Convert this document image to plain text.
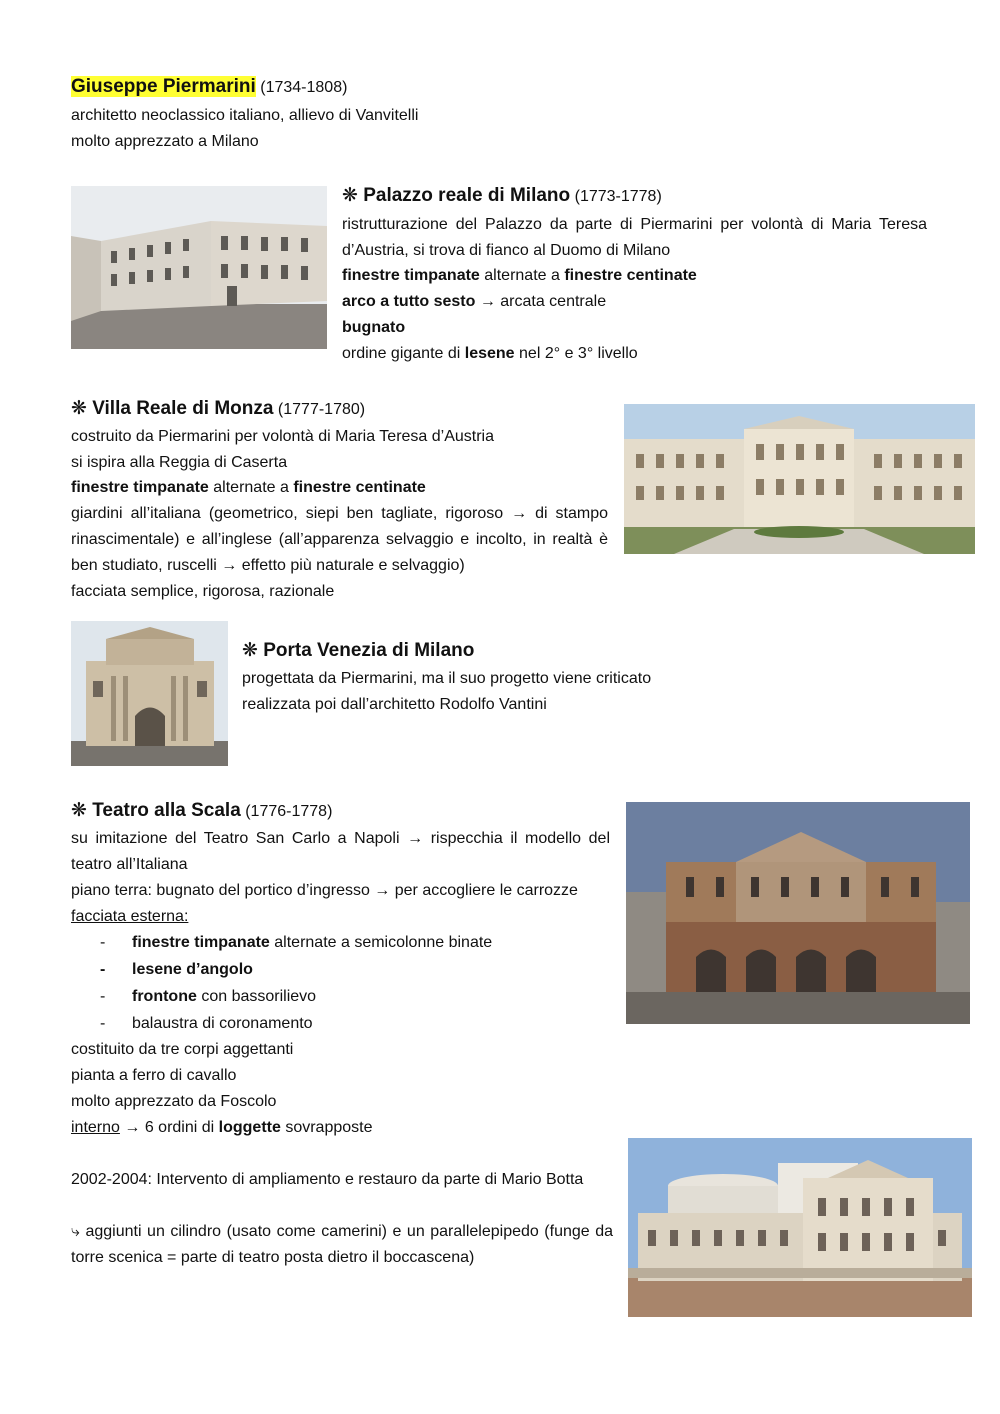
Giuseppe Piermarini (1734-1808)
architetto neoclassico italiano, allievo di Vanvitelli
molto apprezzato a Milano
❋ Palazzo reale di Milano (1773-1778)
ristrutturazione del Palazzo da parte di Piermarini per volontà di Maria Teresa d’Austria, si trova di fianco al Duomo di Milano
finestre timpanate alternate a finestre centinate
arco a tutto sesto → arcata centrale
bugnato
ordine gigante di lesene nel 2° e 3° livello
❋ Villa Reale di Monza (1777-1780)
costruito da Piermarini per volontà di Maria Teresa d’Austria
si ispira alla Reggia di Caserta
finestre timpanate alternate a finestre centinate
giardini all’italiana (geometrico, siepi ben tagliate, rigoroso → di stampo rinascimentale) e all’inglese (all’apparenza selvaggio e incolto, in realtà è ben studiato, ruscelli → effetto più naturale e selvaggio)
facciata semplice, rigorosa, razionale
❋ Porta Venezia di Milano
progettata da Piermarini, ma il suo progetto viene criticato
realizzata poi dall’architetto Rodolfo Vantini
❋ Teatro alla Scala (1776-1778)
su imitazione del Teatro San Carlo a Napoli → rispecchia il modello del teatro all’Italiana
piano terra: bugnato del portico d’ingresso → per accogliere le carrozze
facciata esterna:
-	finestre timpanate alternate a semicolonne binate
-	lesene d’angolo
-	frontone con bassorilievo
-	balaustra di coronamento
costituito da tre corpi aggettanti
pianta a ferro di cavallo
molto apprezzato da Foscolo
interno → 6 ordini di loggette sovrapposte
2002-2004: Intervento di ampliamento e restauro da parte di Mario Botta
⤷ aggiunti un cilindro (usato come camerini) e un parallelepipedo (funge da torre scenica = parte di teatro posta dietro il boccascena)
